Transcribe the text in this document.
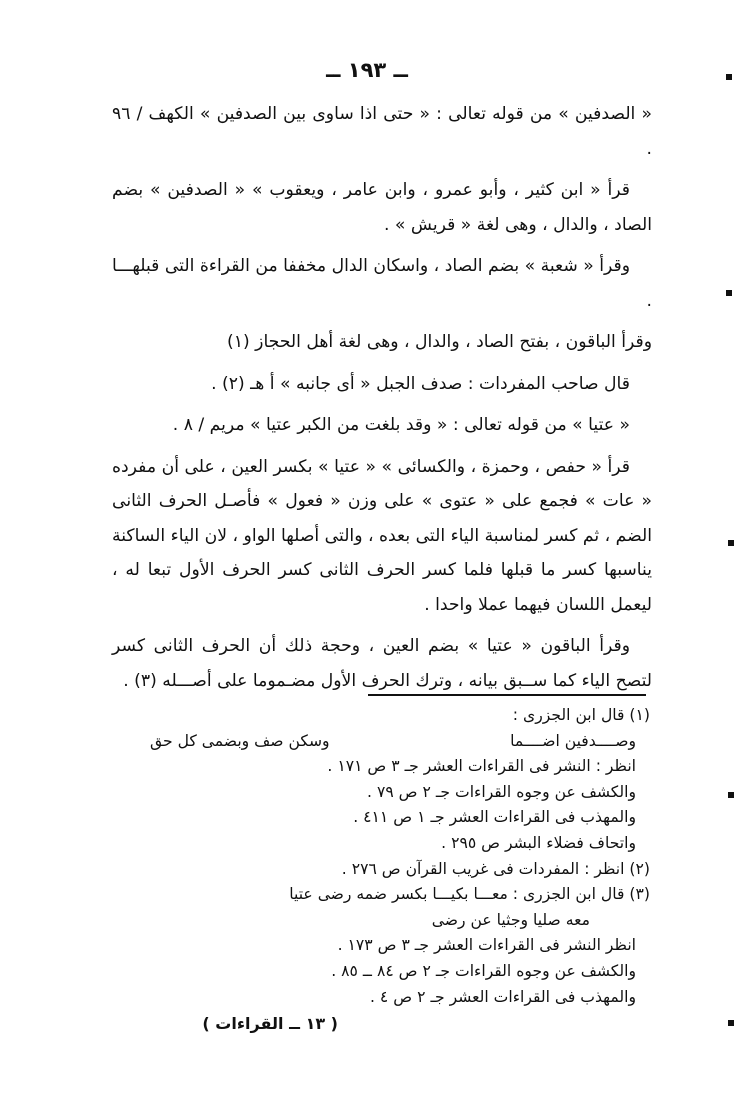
ــ ١٩٣ ــ

« الصدفين » من قوله تعالى : « حتى اذا ساوى بين الصدفين » الكهف / ٩٦ .

قرأ « ابن كثير ، وأبو عمرو ، وابن عامر ، ويعقوب » « الصدفين » بضم الصاد ، والدال ، وهى لغة « قريش » .

وقرأ « شعبة » بضم الصاد ، واسكان الدال مخففا من القراءة التى قبلهـــا .

وقرأ الباقون ، بفتح الصاد ، والدال ، وهى لغة أهل الحجاز (١)

قال صاحب المفردات : صدف الجبل « أى جانبه » أ هـ (٢) .

« عتيا » من قوله تعالى : « وقد بلغت من الكبر عتيا » مريم / ٨ .

قرأ « حفص ، وحمزة ، والكسائى » « عتيا » بكسر العين ، على أن مفرده « عات » فجمع على « عتوى » على وزن « فعول » فأصـل الحرف الثانى الضم ، ثم كسر لمناسبة الياء التى بعده ، والتى أصلها الواو ، لان الياء الساكنة يناسبها كسر ما قبلها فلما كسر الحرف الثانى كسر الحرف الأول تبعا له ، ليعمل اللسان فيهما عملا واحدا .

وقرأ الباقون « عتيا » بضم العين ، وحجة ذلك أن الحرف الثانى كسر لتصح الياء كما ســبق بيانه ، وترك الحرف الأول مضـموما على أصـــله (٣) .

(١) قال ابن الجزرى :
وصــــدفين اضــــما
وسكن صف وبضمى كل حق
انظر : النشر فى القراءات العشر جـ ٣ ص ١٧١ .
والكشف عن وجوه القراءات جـ ٢ ص ٧٩ .
والمهذب فى القراءات العشر جـ ١ ص ٤١١ .
واتحاف فضلاء البشر ص ٢٩٥ .
(٢) انظر : المفردات فى غريب القرآن ص ٢٧٦ .
(٣) قال ابن الجزرى : معـــا بكيـــا بكسر ضمه رضى عتيا
معه صليا وجثيا عن رضى
انظر النشر فى القراءات العشر جـ ٣ ص ١٧٣ .
والكشف عن وجوه القراءات جـ ٢ ص ٨٤ ــ ٨٥ .
والمهذب فى القراءات العشر جـ ٢ ص ٤ .
( ١٣ ــ القراءات )
